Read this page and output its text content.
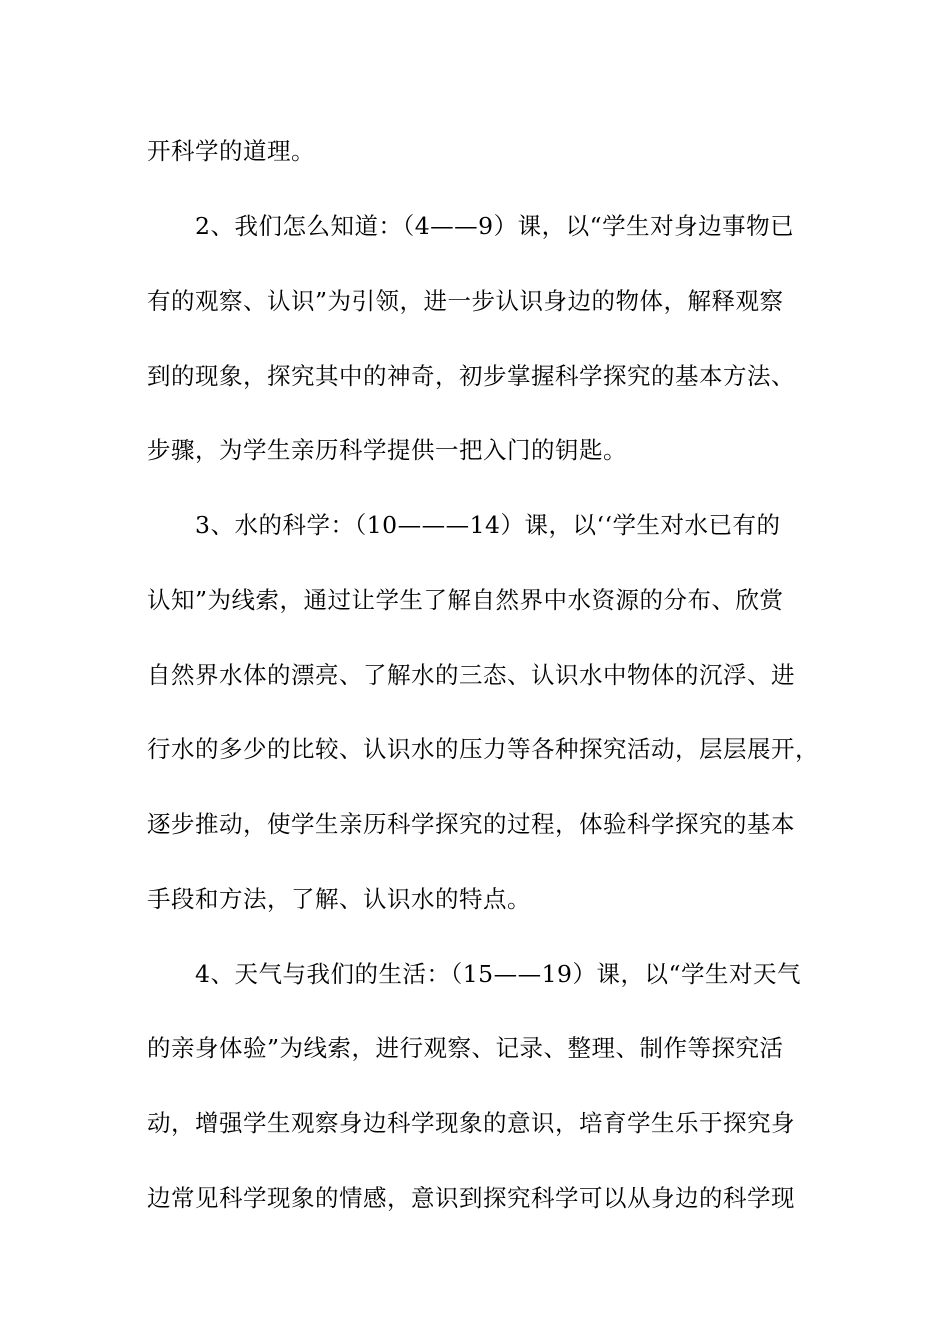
开科学的道理。
2、我们怎么知道：（4——9）课，以“学生对身边事物已
有的观察、认识”为引领，进一步认识身边的物体，解释观察
到的现象，探究其中的神奇，初步掌握科学探究的基本方法、
步骤，为学生亲历科学提供一把入门的钥匙。
3、水的科学：（10———14）课，以‘‘学生对水已有的
认知”为线索，通过让学生了解自然界中水资源的分布、欣赏
自然界水体的漂亮、了解水的三态、认识水中物体的沉浮、进
行水的多少的比较、认识水的压力等各种探究活动，层层展开，
逐步推动，使学生亲历科学探究的过程，体验科学探究的基本
手段和方法，了解、认识水的特点。
4、天气与我们的生活：（15——19）课，以“学生对天气
的亲身体验”为线索，进行观察、记录、整理、制作等探究活
动，增强学生观察身边科学现象的意识，培育学生乐于探究身
边常见科学现象的情感，意识到探究科学可以从身边的科学现
